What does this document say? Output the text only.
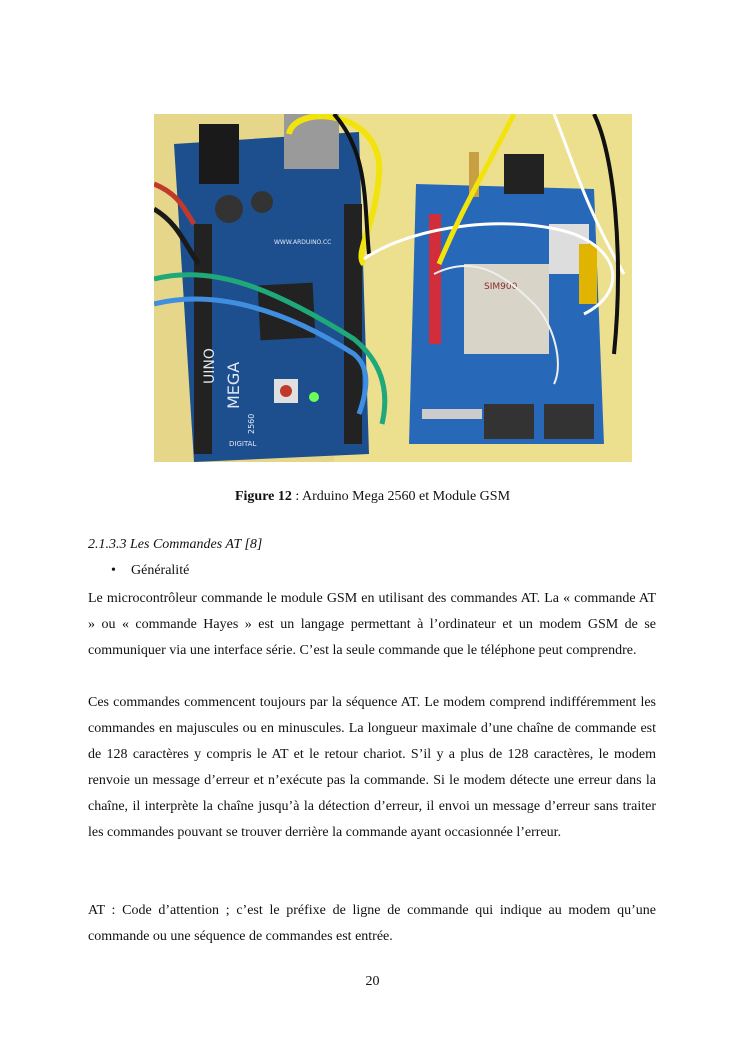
MEGA
2560
UINO
WWW.ARDUINO.CC
DIGITAL
SIM900
Figure 12 : Arduino Mega 2560 et Module GSM
2.1.3.3 Les Commandes AT [8]
• Généralité
Le microcontrôleur commande le module GSM en utilisant des commandes AT. La « commande AT » ou « commande Hayes » est un langage permettant à l’ordinateur et un modem GSM de se communiquer via une interface série. C’est la seule commande que le téléphone peut comprendre.
Ces commandes commencent toujours par la séquence AT. Le modem comprend indifféremment les commandes en majuscules ou en minuscules. La longueur maximale d’une chaîne de commande est de 128 caractères y compris le AT et le retour chariot. S’il y a plus de 128 caractères, le modem renvoie un message d’erreur et n’exécute pas la commande. Si le modem détecte une erreur dans la chaîne, il interprète la chaîne jusqu’à la détection d’erreur, il envoi un message d’erreur sans traiter les commandes pouvant se trouver derrière la commande ayant occasionnée l’erreur.
AT : Code d’attention ; c’est le préfixe de ligne de commande qui indique au modem qu’une commande ou une séquence de commandes est entrée.
20
